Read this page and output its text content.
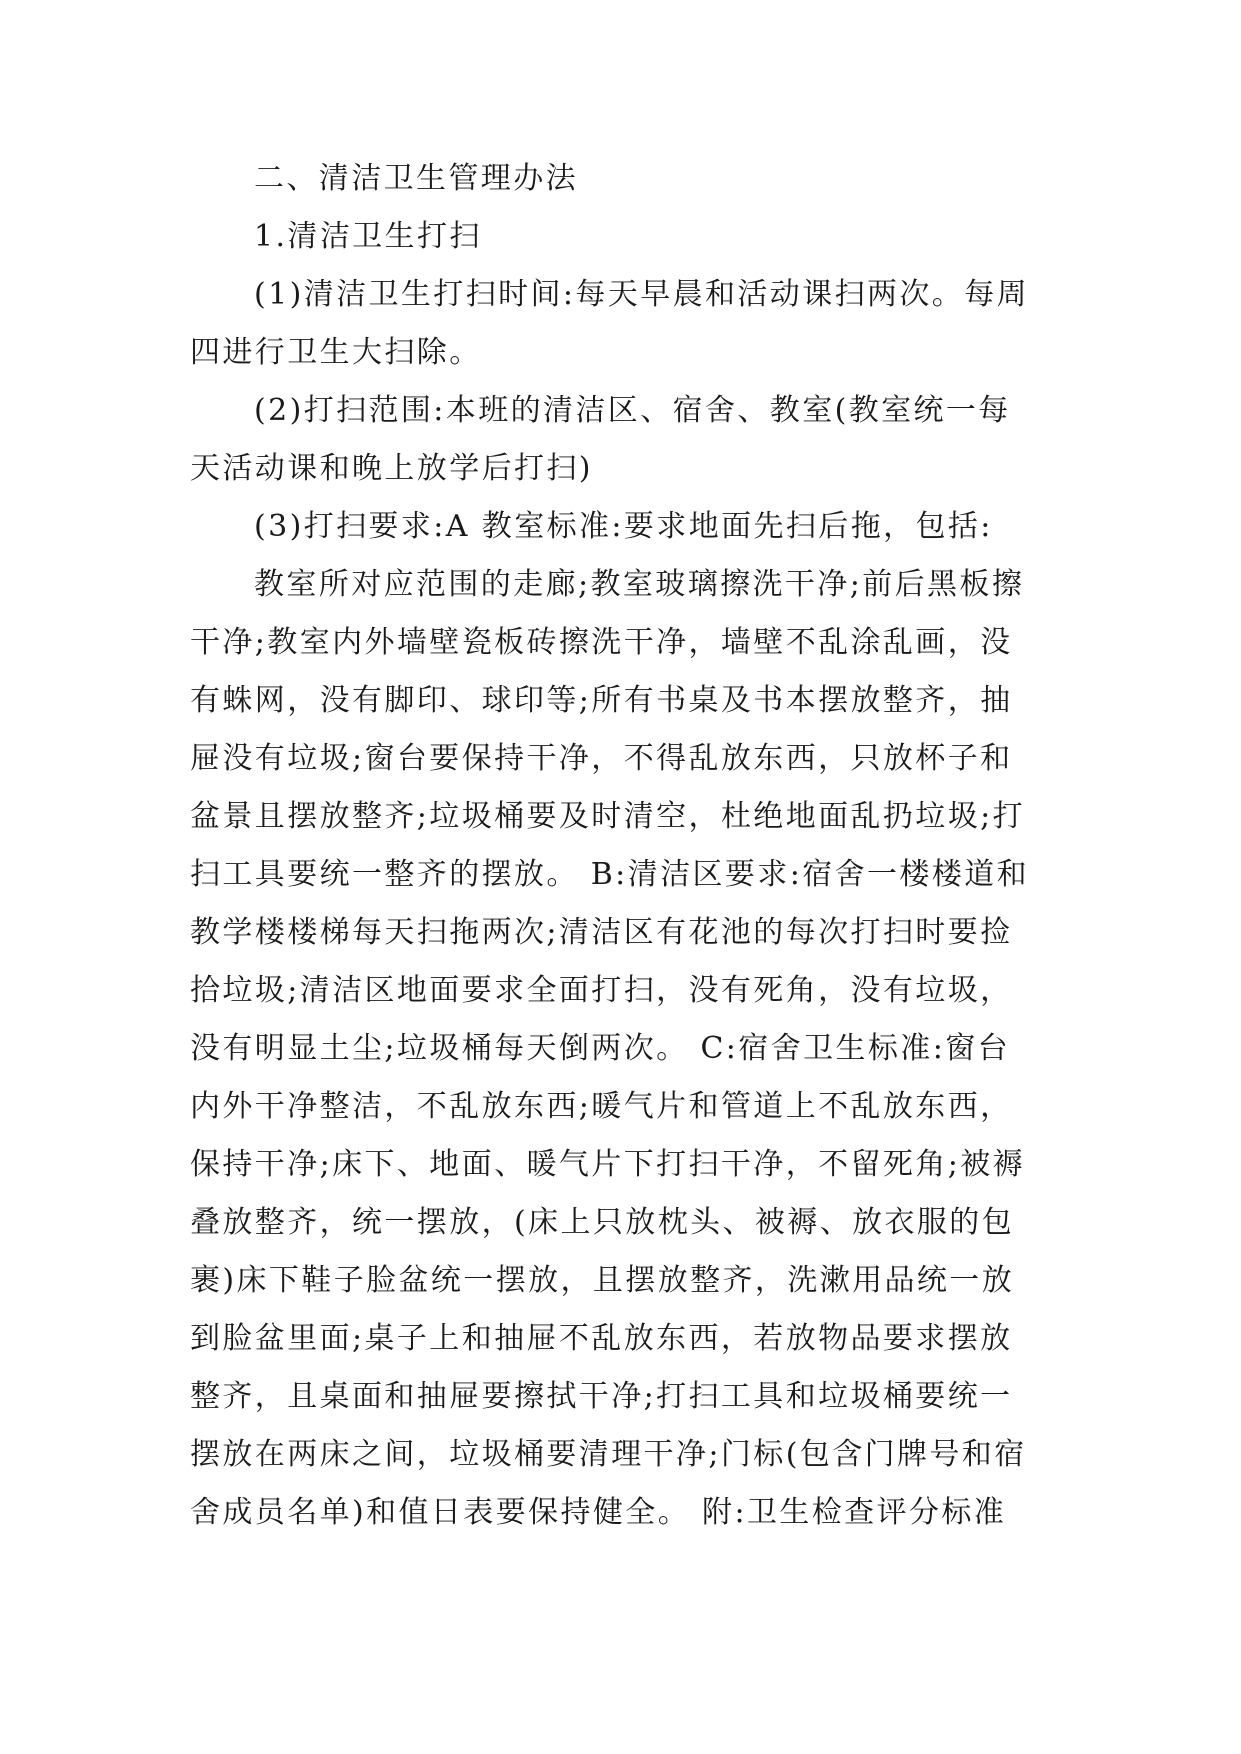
二、清洁卫生管理办法
1.清洁卫生打扫
(1)清洁卫生打扫时间:每天早晨和活动课扫两次。每周
四进行卫生大扫除。
(2)打扫范围:本班的清洁区、宿舍、教室(教室统一每
天活动课和晚上放学后打扫)
(3)打扫要求:A 教室标准:要求地面先扫后拖，包括:
教室所对应范围的走廊;教室玻璃擦洗干净;前后黑板擦
干净;教室内外墙壁瓷板砖擦洗干净，墙壁不乱涂乱画，没
有蛛网，没有脚印、球印等;所有书桌及书本摆放整齐，抽
屉没有垃圾;窗台要保持干净，不得乱放东西，只放杯子和
盆景且摆放整齐;垃圾桶要及时清空，杜绝地面乱扔垃圾;打
扫工具要统一整齐的摆放。 B:清洁区要求:宿舍一楼楼道和
教学楼楼梯每天扫拖两次;清洁区有花池的每次打扫时要捡
拾垃圾;清洁区地面要求全面打扫，没有死角，没有垃圾，
没有明显土尘;垃圾桶每天倒两次。 C:宿舍卫生标准:窗台
内外干净整洁，不乱放东西;暖气片和管道上不乱放东西，
保持干净;床下、地面、暖气片下打扫干净，不留死角;被褥
叠放整齐，统一摆放，(床上只放枕头、被褥、放衣服的包
裹)床下鞋子脸盆统一摆放，且摆放整齐，洗漱用品统一放
到脸盆里面;桌子上和抽屉不乱放东西，若放物品要求摆放
整齐，且桌面和抽屉要擦拭干净;打扫工具和垃圾桶要统一
摆放在两床之间，垃圾桶要清理干净;门标(包含门牌号和宿
舍成员名单)和值日表要保持健全。 附:卫生检查评分标准
